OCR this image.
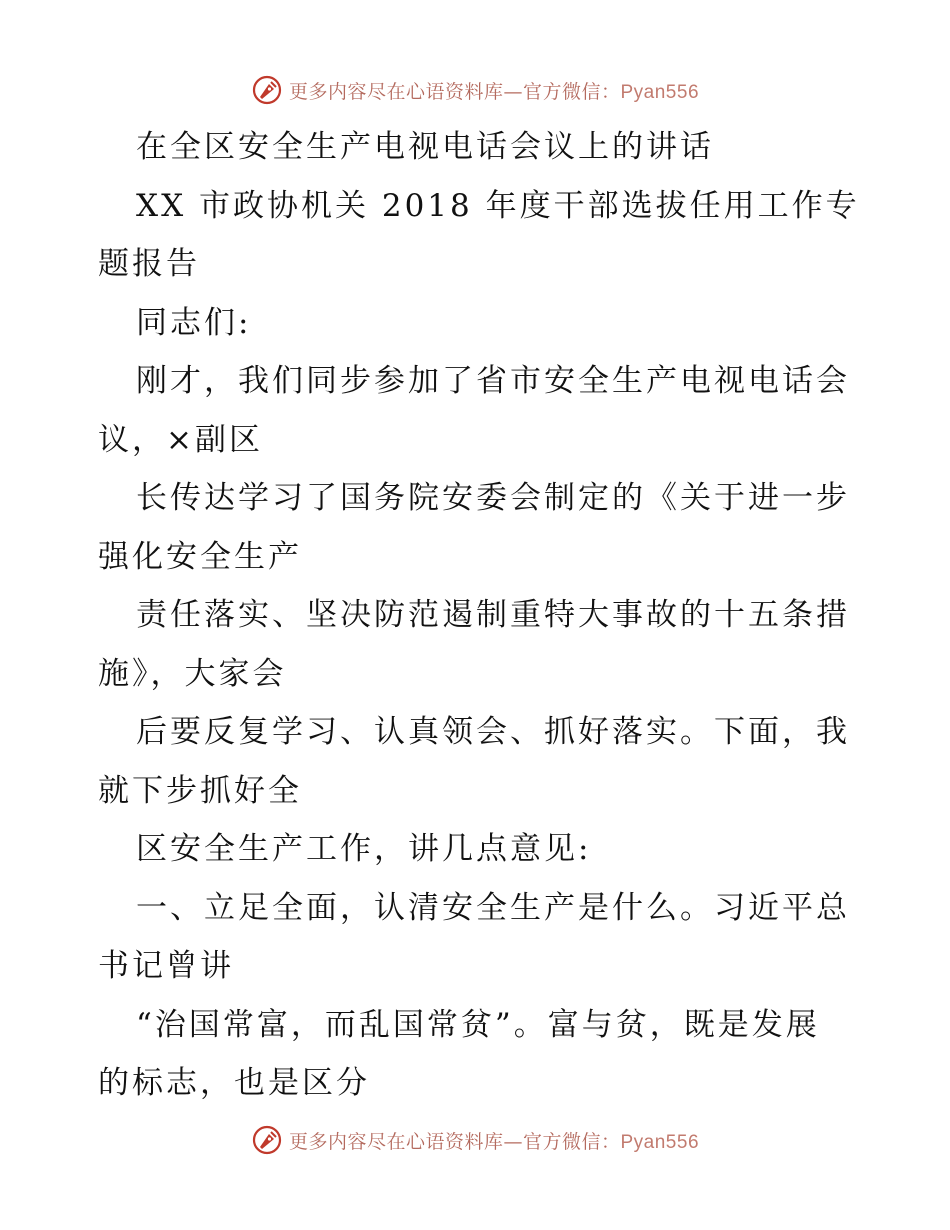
更多内容尽在心语资料库—官方微信：Pyan556
在全区安全生产电视电话会议上的讲话
XX 市政协机关 2018 年度干部选拔任用工作专
题报告
同志们:
刚才，我们同步参加了省市安全生产电视电话会
议，×副区
长传达学习了国务院安委会制定的《关于进一步
强化安全生产
责任落实、坚决防范遏制重特大事故的十五条措
施》，大家会
后要反复学习、认真领会、抓好落实。下面，我
就下步抓好全
区安全生产工作，讲几点意见:
一、立足全面，认清安全生产是什么。习近平总
书记曾讲
“治国常富，而乱国常贫”。富与贫，既是发展
的标志，也是区分
更多内容尽在心语资料库—官方微信：Pyan556
